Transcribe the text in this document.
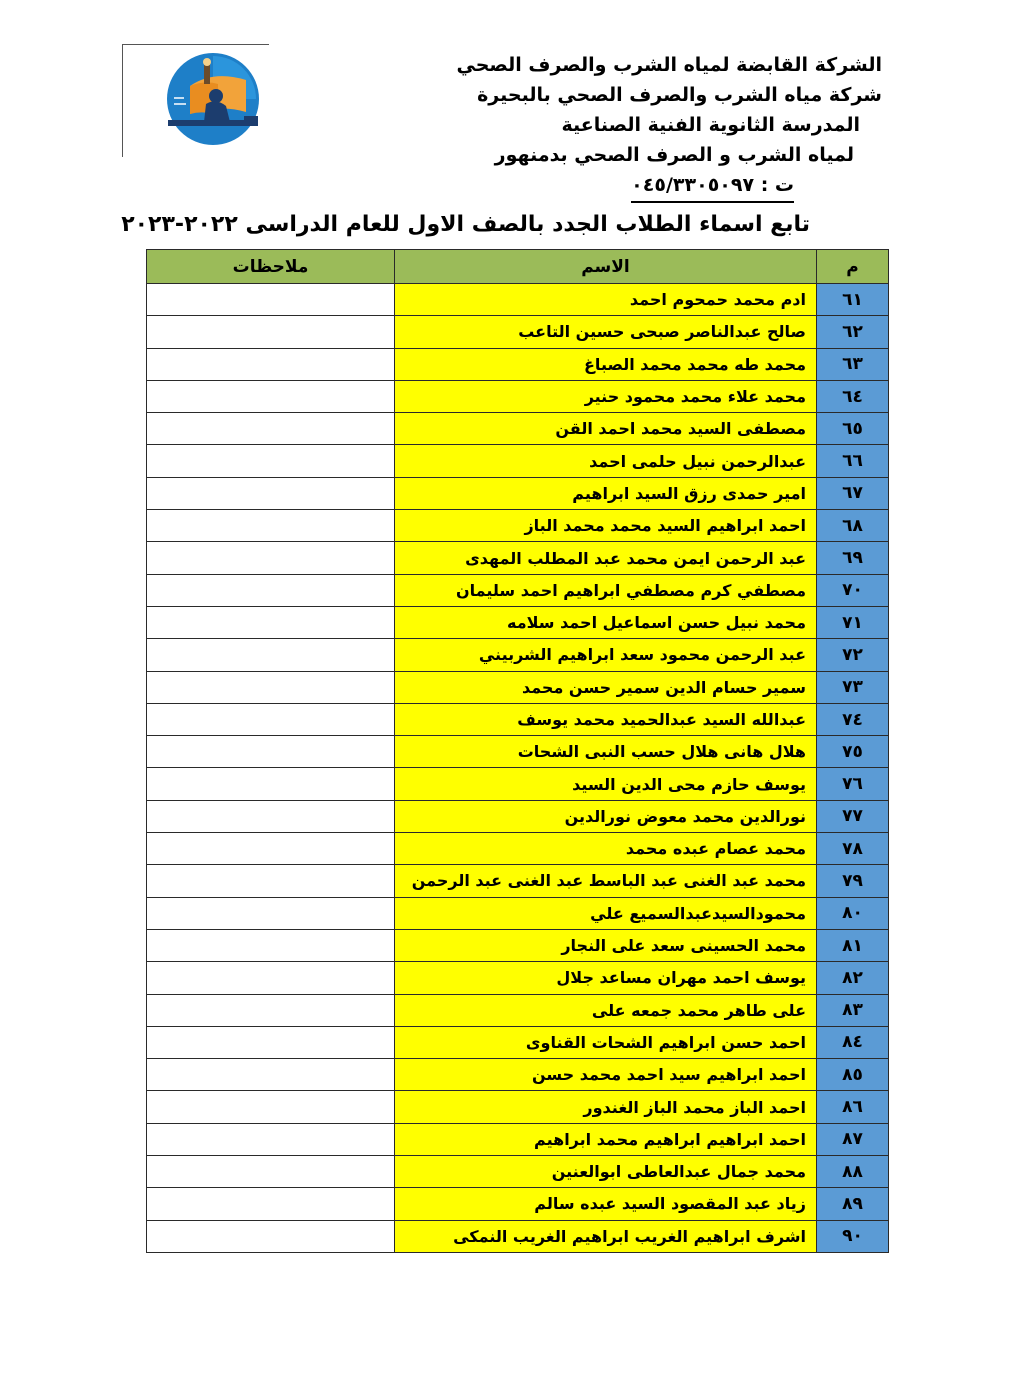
الشركة القابضة لمياه الشرب والصرف الصحي
شركة مياه الشرب والصرف الصحي بالبحيرة
المدرسة الثانوية الفنية الصناعية
لمياه الشرب و الصرف الصحي بدمنهور
ت : ٠٤٥/٣٣٠٥٠٩٧
تابع اسماء الطلاب الجدد بالصف الاول للعام الدراسى ٢٠٢٢-٢٠٢٣
م	الاسم	ملاحظات
٦١	ادم محمد حمحوم احمد	
٦٢	صالح عبدالناصر صبحى حسين التاعب	
٦٣	محمد طه محمد محمد الصباغ	
٦٤	محمد علاء محمد محمود حنير	
٦٥	مصطفى السيد محمد احمد القن	
٦٦	عبدالرحمن نبيل حلمى احمد	
٦٧	امير حمدى رزق السيد ابراهيم	
٦٨	احمد ابراهيم السيد محمد محمد الباز	
٦٩	عبد الرحمن ايمن محمد عبد المطلب المهدى	
٧٠	مصطفي كرم مصطفي ابراهيم احمد سليمان	
٧١	محمد نبيل حسن اسماعيل احمد سلامه	
٧٢	عبد الرحمن محمود سعد ابراهيم الشربيني	
٧٣	سمير حسام الدين سمير حسن محمد	
٧٤	عبدالله السيد عبدالحميد محمد يوسف	
٧٥	هلال هانى هلال حسب النبى الشحات	
٧٦	يوسف حازم محى الدين السيد	
٧٧	نورالدين محمد معوض نورالدين	
٧٨	محمد عصام عبده محمد	
٧٩	محمد عبد الغنى عبد الباسط عبد الغنى عبد الرحمن	
٨٠	محمودالسيدعبدالسميع علي	
٨١	محمد الحسينى سعد على النجار	
٨٢	يوسف احمد مهران مساعد جلال	
٨٣	على طاهر محمد جمعه على	
٨٤	احمد حسن ابراهيم الشحات القناوى	
٨٥	احمد ابراهيم سيد احمد محمد حسن	
٨٦	احمد الباز محمد الباز الغندور	
٨٧	احمد ابراهيم ابراهيم محمد ابراهيم	
٨٨	محمد جمال عبدالعاطى ابوالعنين	
٨٩	زياد عبد المقصود السيد عبده سالم	
٩٠	اشرف ابراهيم الغريب ابراهيم الغريب النمكى	
